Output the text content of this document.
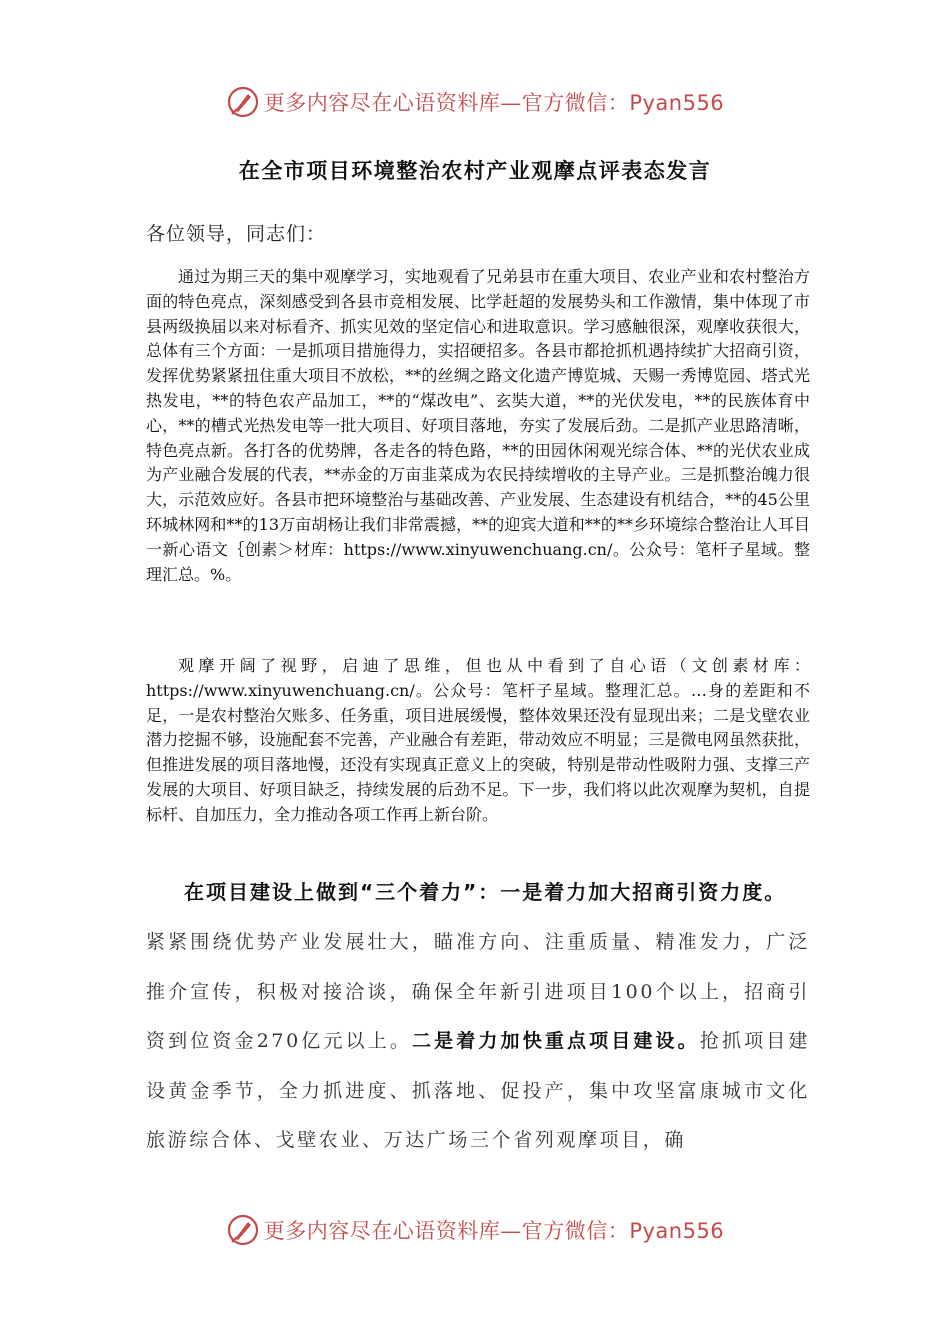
更多内容尽在心语资料库—官方微信：Pyan556
在全市项目环境整治农村产业观摩点评表态发言
各位领导，同志们：

通过为期三天的集中观摩学习，实地观看了兄弟县市在重大项目、农业产业和农村整治方面的特色亮点，深刻感受到各县市竞相发展、比学赶超的发展势头和工作激情，集中体现了市县两级换届以来对标看齐、抓实见效的坚定信心和进取意识。学习感触很深，观摩收获很大，总体有三个方面：一是抓项目措施得力，实招硬招多。各县市都抢抓机遇持续扩大招商引资，发挥优势紧紧扭住重大项目不放松，**的丝绸之路文化遗产博览城、天赐一秀博览园、塔式光热发电，**的特色农产品加工，**的“煤改电”、玄奘大道，**的光伏发电，**的民族体育中心，**的槽式光热发电等一批大项目、好项目落地，夯实了发展后劲。二是抓产业思路清晰，特色亮点新。各打各的优势牌，各走各的特色路，**的田园休闲观光综合体、**的光伏农业成为产业融合发展的代表，**赤金的万亩韭菜成为农民持续增收的主导产业。三是抓整治魄力很大，示范效应好。各县市把环境整治与基础改善、产业发展、生态建设有机结合，**的45公里环城林网和**的13万亩胡杨让我们非常震撼，**的迎宾大道和**的**乡环境综合整治让人耳目一新心语文｛创素＞材库：https://www.xinyuwenchuang.cn/。公众号：笔杆子星域。整理汇总。%。

观摩开阔了视野，启迪了思维，但也从中看到了自心语（文创素材库：https://www.xinyuwenchuang.cn/。公众号：笔杆子星域。整理汇总。…身的差距和不足，一是农村整治欠账多、任务重，项目进展缓慢，整体效果还没有显现出来；二是戈壁农业潜力挖掘不够，设施配套不完善，产业融合有差距，带动效应不明显；三是微电网虽然获批，但推进发展的项目落地慢，还没有实现真正意义上的突破，特别是带动性吸附力强、支撑三产发展的大项目、好项目缺乏，持续发展的后劲不足。下一步，我们将以此次观摩为契机，自提标杆、自加压力，全力推动各项工作再上新台阶。

在项目建设上做到“三个着力”：一是着力加大招商引资力度。

紧紧围绕优势产业发展壮大，瞄准方向、注重质量、精准发力，广泛推介宣传，积极对接洽谈，确保全年新引进项目100个以上，招商引资到位资金270亿元以上。二是着力加快重点项目建设。抢抓项目建设黄金季节，全力抓进度、抓落地、促投产，集中攻坚富康城市文化旅游综合体、戈壁农业、万达广场三个省列观摩项目，确

更多内容尽在心语资料库—官方微信：Pyan556
